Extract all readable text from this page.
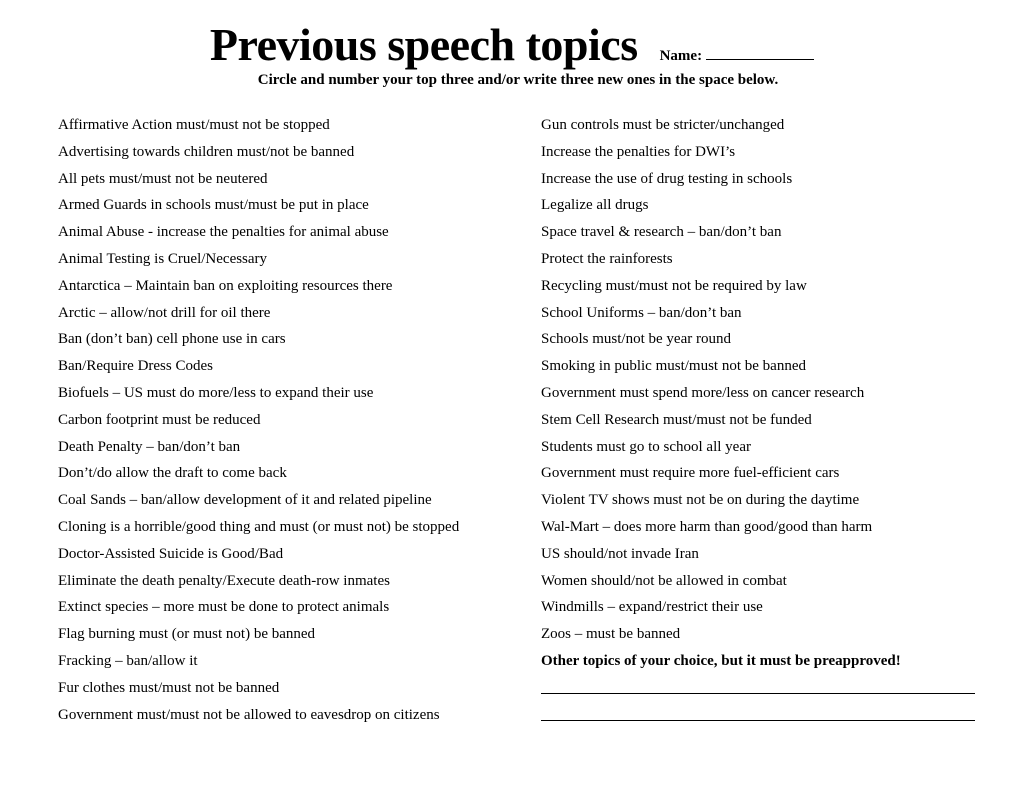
Previous speech topics Name:
Circle and number your top three and/or write three new ones in the space below.
Affirmative Action must/must not be stopped
Advertising towards children must/not be banned
All pets must/must not be neutered
Armed Guards in schools must/must be put in place
Animal Abuse - increase the penalties for animal abuse
Animal Testing is Cruel/Necessary
Antarctica – Maintain ban on exploiting resources there
Arctic – allow/not drill for oil there
Ban (don’t ban) cell phone use in cars
Ban/Require Dress Codes
Biofuels – US must do more/less to expand their use
Carbon footprint must be reduced
Death Penalty – ban/don’t ban
Don’t/do allow the draft to come back
Coal Sands – ban/allow development of it and related pipeline
Cloning is a horrible/good thing and must (or must not) be stopped
Doctor-Assisted Suicide is Good/Bad
Eliminate the death penalty/Execute death-row inmates
Extinct species – more must be done to protect animals
Flag burning must (or must not) be banned
Fracking – ban/allow it
Fur clothes must/must not be banned
Government must/must not be allowed to eavesdrop on citizens
Gun controls must be stricter/unchanged
Increase the penalties for DWI’s
Increase the use of drug testing in schools
Legalize all drugs
Space travel & research – ban/don’t ban
Protect the rainforests
Recycling must/must not be required by law
School Uniforms – ban/don’t ban
Schools must/not be year round
Smoking in public must/must not be banned
Government must spend more/less on cancer research
Stem Cell Research must/must not be funded
Students must go to school all year
Government must require more fuel-efficient cars
Violent TV shows must not be on during the daytime
Wal-Mart – does more harm than good/good than harm
US should/not invade Iran
Women should/not be allowed in combat
Windmills – expand/restrict their use
Zoos – must be banned
Other topics of your choice, but it must be preapproved!
